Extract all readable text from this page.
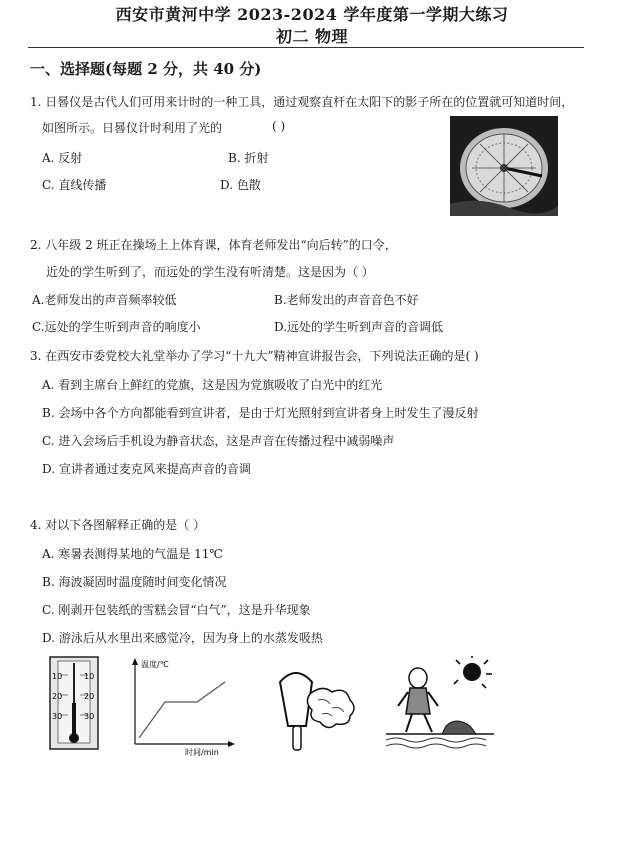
西安市黄河中学 2023-2024 学年度第一学期大练习
初二 物理
一、选择题(每题 2 分，共 40 分)
1. 日晷仪是古代人们可用来计时的一种工具，通过观察直杆在太阳下的影子所在的位置就可知道时间，
如图所示。日晷仪计时利用了光的	( )
A. 反射	B. 折射
C. 直线传播	D. 色散
2. 八年级 2 班正在操场上上体育课，体育老师发出“向后转”的口令，
近处的学生听到了，而远处的学生没有听清楚。这是因为（ ）
A.老师发出的声音频率较低	B.老师发出的声音音色不好
C.远处的学生听到声音的响度小	D.远处的学生听到声音的音调低
3. 在西安市委党校大礼堂举办了学习“十九大”精神宣讲报告会，下列说法正确的是( )
A. 看到主席台上鲜红的党旗，这是因为党旗吸收了白光中的红光
B. 会场中各个方向都能看到宣讲者，是由于灯光照射到宣讲者身上时发生了漫反射
C. 进入会场后手机设为静音状态，这是声音在传播过程中减弱噪声
D. 宣讲者通过麦克风来提高声音的音调
4. 对以下各图解释正确的是（ ）
A. 寒暑表测得某地的气温是 11℃
B. 海波凝固时温度随时间变化情况
C. 刚剥开包装纸的雪糕会冒“白气”，这是升华现象
D. 游泳后从水里出来感觉冷，因为身上的水蒸发吸热
10
20
30
10
20
30
温度/℃
时间/min
